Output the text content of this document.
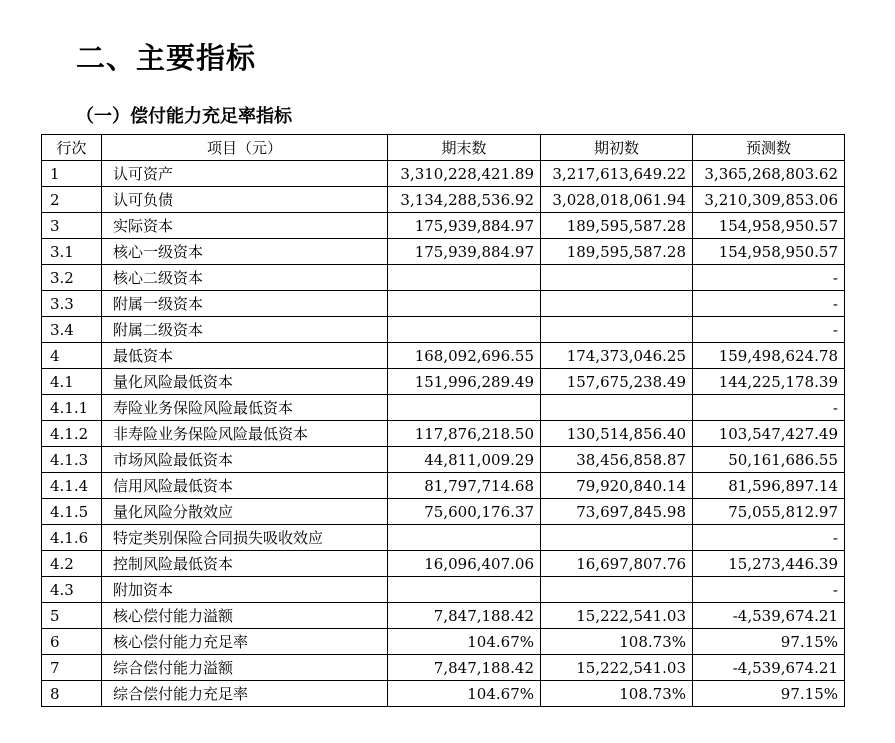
二、主要指标
（一）偿付能力充足率指标
行次	项目（元）	期末数	期初数	预测数
1	认可资产	3,310,228,421.89	3,217,613,649.22	3,365,268,803.62
2	认可负债	3,134,288,536.92	3,028,018,061.94	3,210,309,853.06
3	实际资本	175,939,884.97	189,595,587.28	154,958,950.57
3.1	核心一级资本	175,939,884.97	189,595,587.28	154,958,950.57
3.2	核心二级资本			-
3.3	附属一级资本			-
3.4	附属二级资本			-
4	最低资本	168,092,696.55	174,373,046.25	159,498,624.78
4.1	量化风险最低资本	151,996,289.49	157,675,238.49	144,225,178.39
4.1.1	寿险业务保险风险最低资本			-
4.1.2	非寿险业务保险风险最低资本	117,876,218.50	130,514,856.40	103,547,427.49
4.1.3	市场风险最低资本	44,811,009.29	38,456,858.87	50,161,686.55
4.1.4	信用风险最低资本	81,797,714.68	79,920,840.14	81,596,897.14
4.1.5	量化风险分散效应	75,600,176.37	73,697,845.98	75,055,812.97
4.1.6	特定类别保险合同损失吸收效应			-
4.2	控制风险最低资本	16,096,407.06	16,697,807.76	15,273,446.39
4.3	附加资本			-
5	核心偿付能力溢额	7,847,188.42	15,222,541.03	-4,539,674.21
6	核心偿付能力充足率	104.67%	108.73%	97.15%
7	综合偿付能力溢额	7,847,188.42	15,222,541.03	-4,539,674.21
8	综合偿付能力充足率	104.67%	108.73%	97.15%
